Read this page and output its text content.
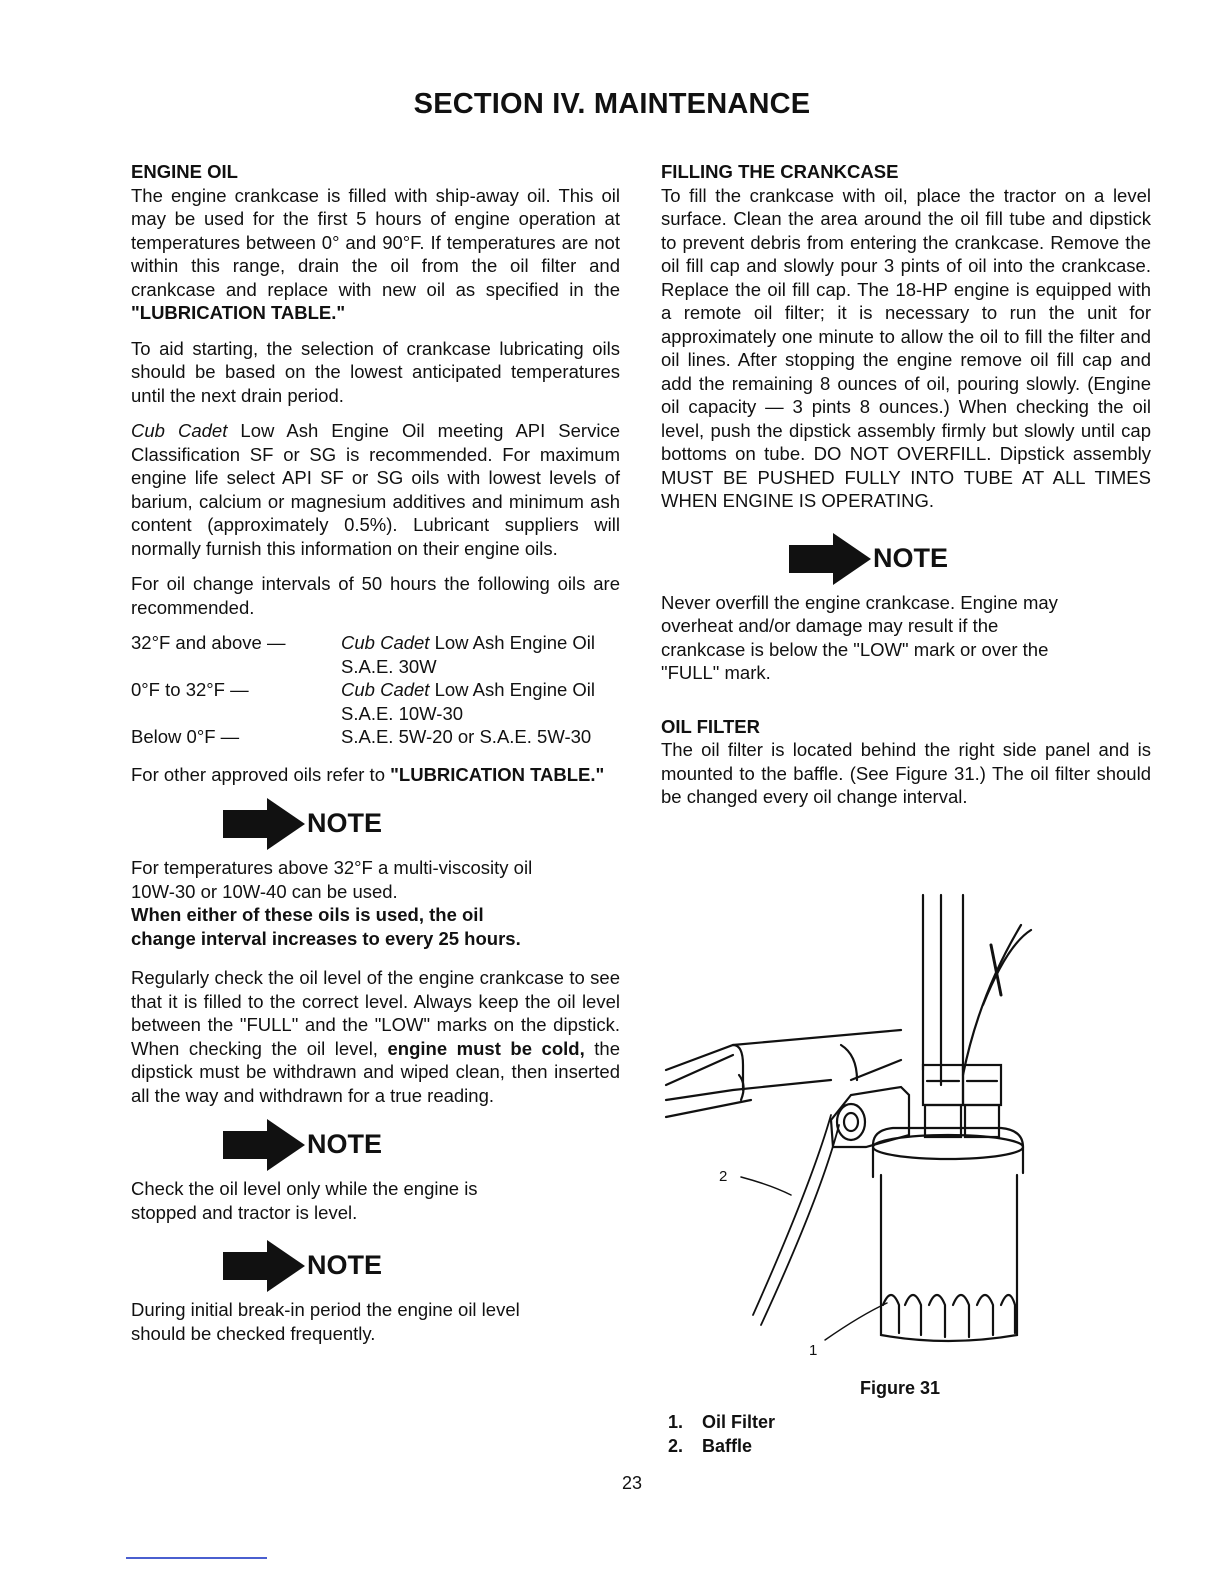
SECTION IV. MAINTENANCE
ENGINE OIL

The engine crankcase is filled with ship-away oil. This oil may be used for the first 5 hours of engine operation at temperatures between 0° and 90°F. If temperatures are not within this range, drain the oil from the oil filter and crankcase and replace with new oil as specified in the "LUBRICATION TABLE."

To aid starting, the selection of crankcase lubricating oils should be based on the lowest anticipated temperatures until the next drain period.

Cub Cadet Low Ash Engine Oil meeting API Service Classification SF or SG is recommended. For maximum engine life select API SF or SG oils with lowest levels of barium, calcium or magnesium additives and minimum ash content (approximately 0.5%). Lubricant suppliers will normally furnish this information on their engine oils.

For oil change intervals of 50 hours the following oils are recommended.

32°F and above —	Cub Cadet Low Ash Engine Oil
S.A.E. 30W
0°F to 32°F —	Cub Cadet Low Ash Engine Oil
S.A.E. 10W-30
Below 0°F —	S.A.E. 5W-20 or S.A.E. 5W-30

For other approved oils refer to "LUBRICATION TABLE."

NOTE

For temperatures above 32°F a multi-viscosity oil 10W-30 or 10W-40 can be used.

When either of these oils is used, the oil change interval increases to every 25 hours.

Regularly check the oil level of the engine crankcase to see that it is filled to the correct level. Always keep the oil level between the "FULL" and the "LOW" marks on the dipstick. When checking the oil level, engine must be cold, the dipstick must be withdrawn and wiped clean, then inserted all the way and withdrawn for a true reading.

NOTE

Check the oil level only while the engine is stopped and tractor is level.

NOTE

During initial break-in period the engine oil level should be checked frequently.

FILLING THE CRANKCASE

To fill the crankcase with oil, place the tractor on a level surface. Clean the area around the oil fill tube and dipstick to prevent debris from entering the crankcase. Remove the oil fill cap and slowly pour 3 pints of oil into the crankcase. Replace the oil fill cap. The 18-HP engine is equipped with a remote oil filter; it is necessary to run the unit for approximately one minute to allow the oil to fill the filter and oil lines. After stopping the engine remove oil fill cap and add the remaining 8 ounces of oil, pouring slowly. (Engine oil capacity — 3 pints 8 ounces.) When checking the oil level, push the dipstick assembly firmly but slowly until cap bottoms on tube. DO NOT OVERFILL. Dipstick assembly MUST BE PUSHED FULLY INTO TUBE AT ALL TIMES WHEN ENGINE IS OPERATING.

NOTE

Never overfill the engine crankcase. Engine may overheat and/or damage may result if the crankcase is below the "LOW" mark or over the "FULL" mark.

OIL FILTER

The oil filter is located behind the right side panel and is mounted to the baffle. (See Figure 31.) The oil filter should be changed every oil change interval.

2
1
Figure 31
1. Oil Filter
2. Baffle
23
